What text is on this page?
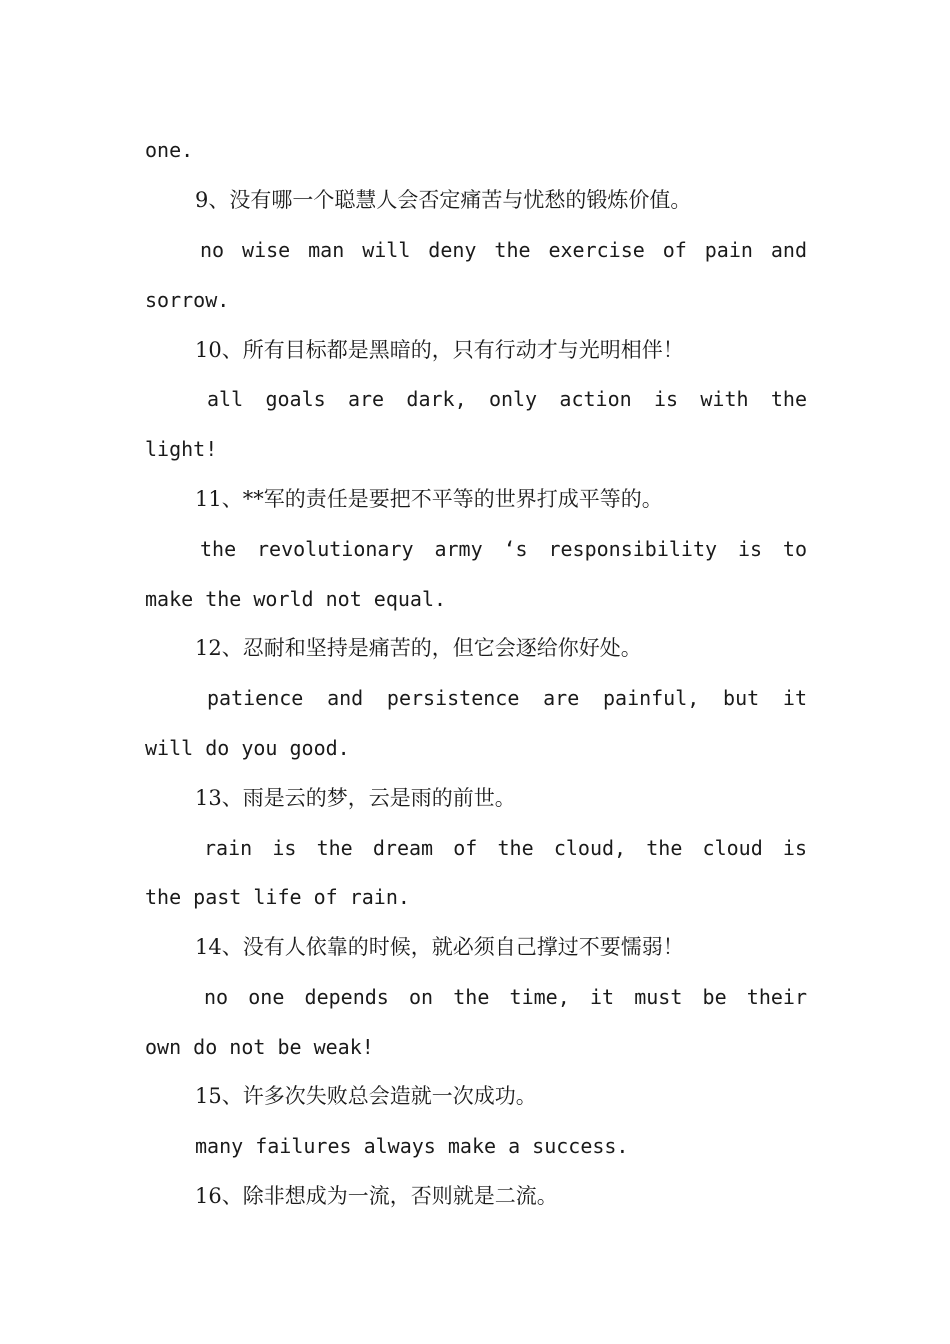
one.
9、没有哪一个聪慧人会否定痛苦与忧愁的锻炼价值。
no wise man will deny the exercise of pain and
sorrow.
10、所有目标都是黑暗的，只有行动才与光明相伴！
all goals are dark, only action is with the
light!
11、**军的责任是要把不平等的世界打成平等的。
the revolutionary army ‘s responsibility is to
make the world not equal.
12、忍耐和坚持是痛苦的，但它会逐给你好处。
patience and persistence are painful, but it
will do you good.
13、雨是云的梦，云是雨的前世。
rain is the dream of the cloud, the cloud is
the past life of rain.
14、没有人依靠的时候，就必须自己撑过不要懦弱！
no one depends on the time, it must be their
own do not be weak!
15、许多次失败总会造就一次成功。
many failures always make a success.
16、除非想成为一流，否则就是二流。
